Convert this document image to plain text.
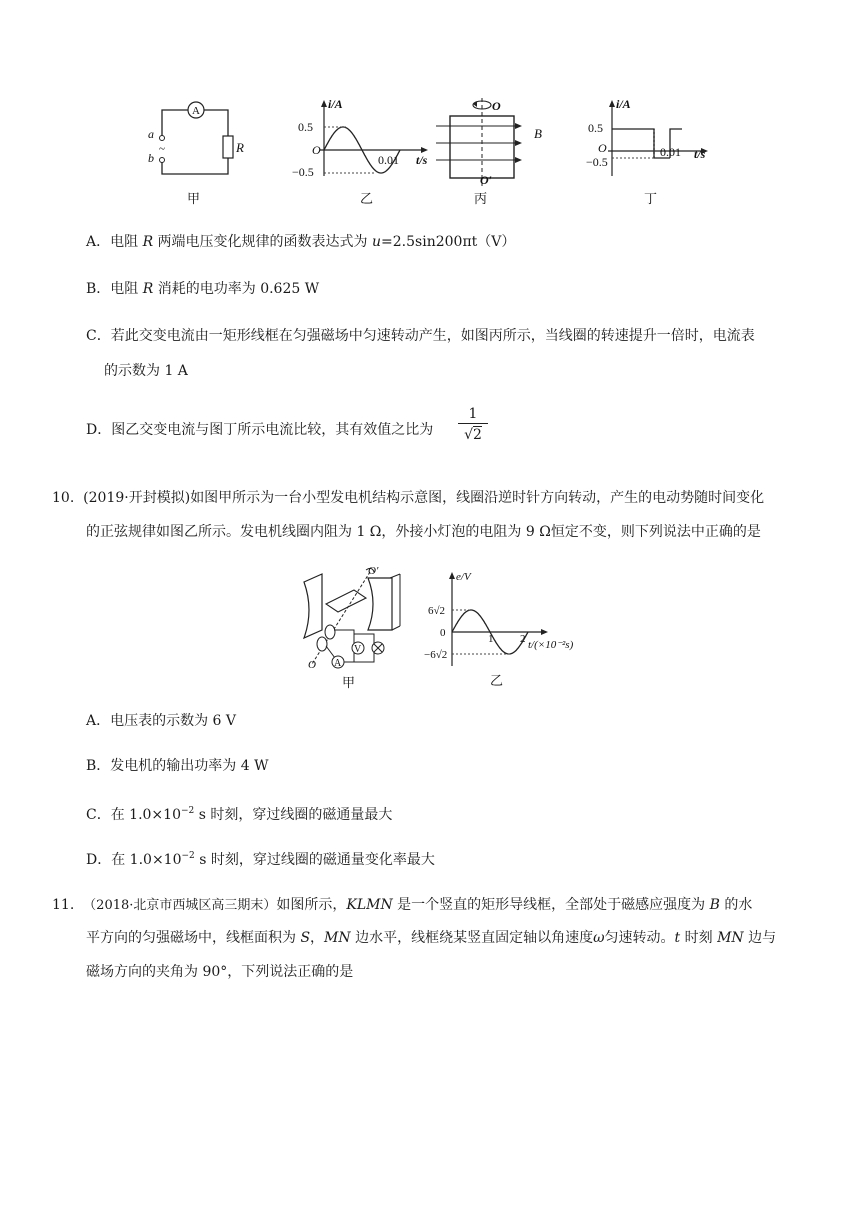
A
R
a
b
~
甲
i/A
0.5
−0.5
O
0.01 t/s
乙
O
O′
B
丙
i/A
0.5
O
−0.5
0.01 t/s
丁
A．电阻 R 两端电压变化规律的函数表达式为 u=2.5sin200πt（V）
B．电阻 R 消耗的电功率为 0.625 W
C．若此交变电流由一矩形线框在匀强磁场中匀速转动产生，如图丙所示，当线圈的转速提升一倍时，电流表
的示数为 1 A
D．图乙交变电流与图丁所示电流比较，其有效值之比为
1
√2
10. (2019·开封模拟)如图甲所示为一台小型发电机结构示意图，线圈沿逆时针方向转动，产生的电动势随时间变化
的正弦规律如图乙所示。发电机线圈内阻为 1 Ω，外接小灯泡的电阻为 9 Ω恒定不变，则下列说法中正确的是
O′
O A
V
甲
e/V
6√2
0
−6√2
1 2 t/(×10⁻²s)
乙
A．电压表的示数为 6 V
B．发电机的输出功率为 4 W
C．在 $1.0\times 10^{-2}$ s 时刻，穿过线圈的磁通量最大
D．在 $1.0\times 10^{-2}$ s 时刻，穿过线圈的磁通量变化率最大
11. （2018·北京市西城区高三期末）如图所示，KLMN 是一个竖直的矩形导线框，全部处于磁感应强度为 B 的水
平方向的匀强磁场中，线框面积为 S，MN 边水平，线框绕某竖直固定轴以角速度ω匀速转动。t 时刻 MN 边与
磁场方向的夹角为 90°，下列说法正确的是
